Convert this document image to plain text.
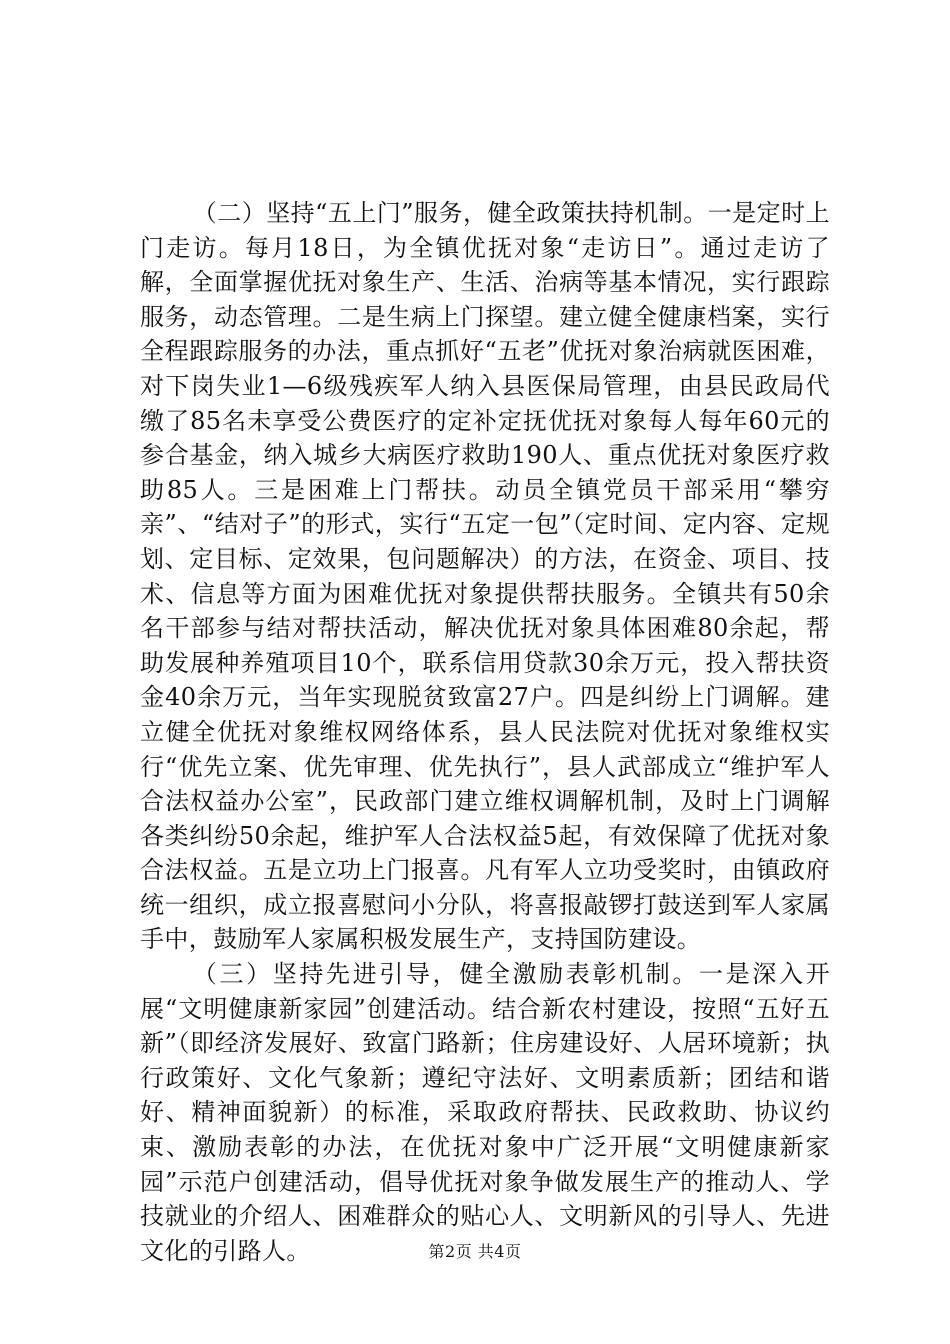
（二）坚持“五上门”服务，健全政策扶持机制。一是定时上门走访。每月18日，为全镇优抚对象“走访日”。通过走访了解，全面掌握优抚对象生产、生活、治病等基本情况，实行跟踪服务，动态管理。二是生病上门探望。建立健全健康档案，实行全程跟踪服务的办法，重点抓好“五老”优抚对象治病就医困难，对下岗失业1—6级残疾军人纳入县医保局管理，由县民政局代缴了85名未享受公费医疗的定补定抚优抚对象每人每年60元的参合基金，纳入城乡大病医疗救助190人、重点优抚对象医疗救助85人。三是困难上门帮扶。动员全镇党员干部采用“攀穷亲”、“结对子”的形式，实行“五定一包”（定时间、定内容、定规划、定目标、定效果，包问题解决）的方法，在资金、项目、技术、信息等方面为困难优抚对象提供帮扶服务。全镇共有50余名干部参与结对帮扶活动，解决优抚对象具体困难80余起，帮助发展种养殖项目10个，联系信用贷款30余万元，投入帮扶资金40余万元，当年实现脱贫致富27户。四是纠纷上门调解。建立健全优抚对象维权网络体系，县人民法院对优抚对象维权实行“优先立案、优先审理、优先执行”，县人武部成立“维护军人合法权益办公室”，民政部门建立维权调解机制，及时上门调解各类纠纷50余起，维护军人合法权益5起，有效保障了优抚对象合法权益。五是立功上门报喜。凡有军人立功受奖时，由镇政府统一组织，成立报喜慰问小分队，将喜报敲锣打鼓送到军人家属手中，鼓励军人家属积极发展生产，支持国防建设。

（三）坚持先进引导，健全激励表彰机制。一是深入开展“文明健康新家园”创建活动。结合新农村建设，按照“五好五新”（即经济发展好、致富门路新；住房建设好、人居环境新；执行政策好、文化气象新；遵纪守法好、文明素质新；团结和谐好、精神面貌新）的标准，采取政府帮扶、民政救助、协议约束、激励表彰的办法，在优抚对象中广泛开展“文明健康新家园”示范户创建活动，倡导优抚对象争做发展生产的推动人、学技就业的介绍人、困难群众的贴心人、文明新风的引导人、先进文化的引路人。	第2页 共4页
